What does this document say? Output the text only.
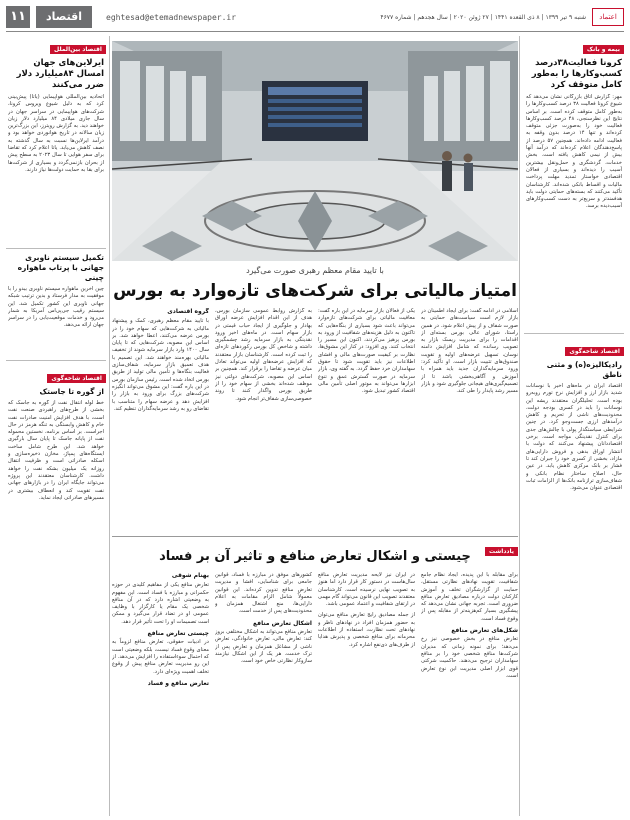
۱۱	اقتصاد	eghtesad@etemadnewspaper.ir	شنبه ۹ تیر ۱۳۹۹ | ۸ ذی القعده ۱۴۴۱ | ۲۷ ژوئن ۲۰۲۰ | سال هجدهم | شماره ۴۶۷۷	اعتماد
بیمه و بانک
کرونا فعالیت۳۸درصد کسب‌وکارها را به‌طور کامل متوقف کرد
مهر: گزارش اتاق بازرگانی نشان می‌دهد که شیوع کرونا فعالیت ۳۸ درصد کسب‌وکارها را به‌طور کامل متوقف کرده است. بر اساس نتایج این نظرسنجی، ۴۸ درصد کسب‌وکارها فعالیت خود را به‌صورت جزئی متوقف کرده‌اند و تنها ۱۴ درصد بدون وقفه به فعالیت ادامه داده‌اند. همچنین ۵۷ درصد از پاسخ‌دهندگان اعلام کرده‌اند که درآمد آنها بیش از نیمی کاهش یافته است. بخش خدمات، گردشگری و حمل‌ونقل بیشترین آسیب را دیده‌اند و بسیاری از فعالان اقتصادی خواستار تمدید مهلت پرداخت مالیات و اقساط بانکی شده‌اند. کارشناسان تأکید می‌کنند که بسته‌های حمایتی دولت باید هدفمندتر و سریع‌تر به دست کسب‌وکارهای آسیب‌دیده برسد.
اقتصاد شاخه‌گوی
رادیکالیزه(ه) و مثنی ناطق
اقتصاد ایران در ماه‌های اخیر با نوسانات شدید بازار ارز و افزایش نرخ تورم روبه‌رو بوده است. تحلیلگران معتقدند ریشه این نوسانات را باید در کسری بودجه دولت، محدودیت‌های ناشی از تحریم و کاهش درآمدهای ارزی جست‌وجو کرد. در چنین شرایطی سیاستگذار پولی با چالش‌های جدی برای کنترل نقدینگی مواجه است. برخی اقتصاددانان پیشنهاد می‌کنند که دولت با انتشار اوراق بدهی و فروش دارایی‌های مازاد، بخشی از کسری خود را جبران کند تا فشار بر بانک مرکزی کاهش یابد. در عین حال، اصلاح ساختار نظام بانکی و شفاف‌سازی ترازنامه بانک‌ها از الزامات ثبات اقتصادی عنوان می‌شود.
با تایید مقام معظم رهبری صورت می‌گیرد
امتیاز مالیاتی برای شرکت‌های تازه‌وارد به بورس
اسلامی در ادامه گفت: برای ایجاد اطمینان در بازار لازم است سیاست‌های حمایتی به صورت شفاف و از پیش اعلام شود. در همین راستا، شورای عالی بورس بسته‌ای از اقدامات را برای مدیریت ریسک بازار به تصویب رسانده که شامل افزایش دامنه نوسان، تسهیل عرضه‌های اولیه و تقویت صندوق‌های تثبیت بازار است. او تأکید کرد: ورود سرمایه‌گذاران جدید باید همراه با آموزش و آگاهی‌بخشی باشد تا از تصمیم‌گیری‌های هیجانی جلوگیری شود و بازار مسیر رشد پایدار را طی کند.
یکی از فعالان بازار سرمایه در این باره گفت: معافیت مالیاتی برای شرکت‌های تازه‌وارد می‌تواند باعث شود بسیاری از بنگاه‌هایی که تاکنون به دلیل هزینه‌های شفافیت از ورود به بورس پرهیز می‌کردند، اکنون این مسیر را انتخاب کنند. وی افزود: در کنار این مشوق‌ها، نظارت بر کیفیت صورت‌های مالی و افشای اطلاعات نیز باید تقویت شود تا حقوق سهامداران خرد حفظ گردد. به گفته وی، بازار سرمایه در صورت گسترش عمق و تنوع ابزارها می‌تواند به موتور اصلی تأمین مالی اقتصاد کشور تبدیل شود.
به گزارش روابط عمومی سازمان بورس، هدف از این اقدام افزایش عرضه اوراق بهادار و جلوگیری از ایجاد حباب قیمتی در بازار سهام است. در ماه‌های اخیر ورود نقدینگی به بازار سرمایه رشد چشمگیری داشته و شاخص کل بورس رکوردهای تازه‌ای را ثبت کرده است. کارشناسان بازار معتقدند که افزایش عرضه‌های اولیه می‌تواند تعادل میان عرضه و تقاضا را برقرار کند. همچنین بر اساس این مصوبه، شرکت‌های دولتی نیز موظف شده‌اند بخشی از سهام خود را از طریق بورس واگذار کنند تا روند خصوصی‌سازی شفاف‌تر انجام شود.
گروه اقتصادی
با تایید مقام معظم رهبری، کمک و پیشنهاد مالیاتی به شرکت‌هایی که سهام خود را در بورس عرضه می‌کنند، اعطا خواهد شد. بر اساس این مصوبه، شرکت‌هایی که تا پایان سال ۱۴۰۰ وارد بازار سرمایه شوند از تخفیف مالیاتی بهره‌مند خواهند شد. این تصمیم با هدف تعمیق بازار سرمایه، شفاف‌سازی فعالیت بنگاه‌ها و تأمین مالی تولید از طریق بورس اتخاذ شده است. رئیس سازمان بورس در این باره گفت: این مشوق می‌تواند انگیزه شرکت‌های بزرگ برای ورود به بازار را افزایش دهد و عرضه سهام را متناسب با تقاضای رو به رشد سرمایه‌گذاران تنظیم کند.
یادداشت
چیستی و اشکال تعارض منافع و تاثیر آن بر فساد
برای مقابله با این پدیده، ایجاد نظام جامع شفافیت، تقویت نهادهای نظارتی مستقل، حمایت از گزارشگران تخلف و آموزش کارکنان دولت درباره مصادیق تعارض منافع ضروری است. تجربه جهانی نشان می‌دهد که پیشگیری بسیار کم‌هزینه‌تر از مقابله پس از وقوع فساد است.
شکل‌های تعارض منافع
تعارض منافع در بخش خصوصی نیز رخ می‌دهد؛ برای نمونه زمانی که مدیران شرکت‌ها منافع شخصی خود را بر منافع سهامداران ترجیح می‌دهند. حاکمیت شرکتی قوی ابزار اصلی مدیریت این نوع تعارض است.
در ایران نیز لایحه مدیریت تعارض منافع سال‌هاست در دستور کار قرار دارد اما هنوز به تصویب نهایی نرسیده است. کارشناسان معتقدند تصویب این قانون می‌تواند گام مهمی در ارتقای شفافیت و اعتماد عمومی باشد.
از جمله مصادیق رایج تعارض منافع می‌توان به حضور همزمان افراد در نهادهای ناظر و نهادهای تحت نظارت، استفاده از اطلاعات محرمانه برای منافع شخصی و پذیرش هدایا از طرف‌های ذی‌نفع اشاره کرد.
کشورهای موفق در مبارزه با فساد، قوانین جامعی برای شناسایی، افشا و مدیریت تعارض منافع تدوین کرده‌اند. این قوانین معمولاً شامل الزام مقامات به اعلام دارایی‌ها، منع اشتغال همزمان و محدودیت‌های پس از خدمت است.
اشکال تعارض منافع
تعارض منافع می‌تواند به اشکال مختلفی بروز کند: تعارض مالی، تعارض خانوادگی، تعارض ناشی از مشاغل همزمان و تعارض پس از ترک خدمت. هر یک از این اشکال نیازمند سازوکار نظارتی خاص خود است.
بهنام شوقی
تعارض منافع یکی از مفاهیم کلیدی در حوزه حکمرانی و مبارزه با فساد است. این مفهوم به وضعیتی اشاره دارد که در آن منافع شخصی یک مقام یا کارگزار با وظایف عمومی او در تضاد قرار می‌گیرد و ممکن است تصمیمات او را تحت تأثیر قرار دهد.
چیستی تعارض منافع
در ادبیات حقوقی، تعارض منافع لزوماً به معنای وقوع فساد نیست، بلکه وضعیتی است که احتمال سوءاستفاده را افزایش می‌دهد. از این رو مدیریت تعارض منافع پیش از وقوع تخلف اهمیت ویژه‌ای دارد.
تعارض منافع و فساد
اقتصاد بین‌الملل
ایرلاین‌های جهان امسال ۸۴میلیارد دلار ضرر می‌کنند
اتحادیه بین‌المللی هواپیمایی (یاتا) پیش‌بینی کرد که به دلیل شیوع ویروس کرونا، شرکت‌های هواپیمایی در سراسر جهان در سال جاری میلادی ۸۴ میلیارد دلار زیان خواهند دید. به گزارش رویترز، این بزرگ‌ترین زیان سالانه در تاریخ هوانوردی خواهد بود و درآمد ایرلاین‌ها نسبت به سال گذشته به نصف کاهش می‌یابد. یاتا اعلام کرد که تقاضا برای سفر هوایی تا سال ۲۰۲۳ به سطح پیش از بحران بازنمی‌گردد و بسیاری از شرکت‌ها برای بقا به حمایت دولت‌ها نیاز دارند.
تکمیل سیستم ناوبری جهانی با پرتاب ماهواره چینی
چین آخرین ماهواره سیستم ناوبری بیدو را با موفقیت به مدار فرستاد و بدین ترتیب شبکه جهانی ناوبری این کشور تکمیل شد. این سیستم رقیب جی‌پی‌اس آمریکا به شمار می‌رود و خدمات موقعیت‌یابی را در سراسر جهان ارائه می‌دهد.
اقتصاد شاخه‌گوی
از گوره تا جاستک
خط لوله انتقال نفت از گوره به جاسک که بخشی از طرح‌های راهبردی صنعت نفت است، با هدف افزایش امنیت صادرات نفت خام و کاهش وابستگی به تنگه هرمز در حال اجراست. بر اساس برنامه، نخستین محموله نفت از پایانه جاسک تا پایان سال بارگیری خواهد شد. این طرح شامل ساخت ایستگاه‌های پمپاژ، مخازن ذخیره‌سازی و اسکله صادراتی است و ظرفیت انتقال روزانه یک میلیون بشکه نفت را خواهد داشت. کارشناسان معتقدند این پروژه می‌تواند جایگاه ایران را در بازارهای جهانی نفت تقویت کند و انعطاف بیشتری در مسیرهای صادراتی ایجاد نماید.
